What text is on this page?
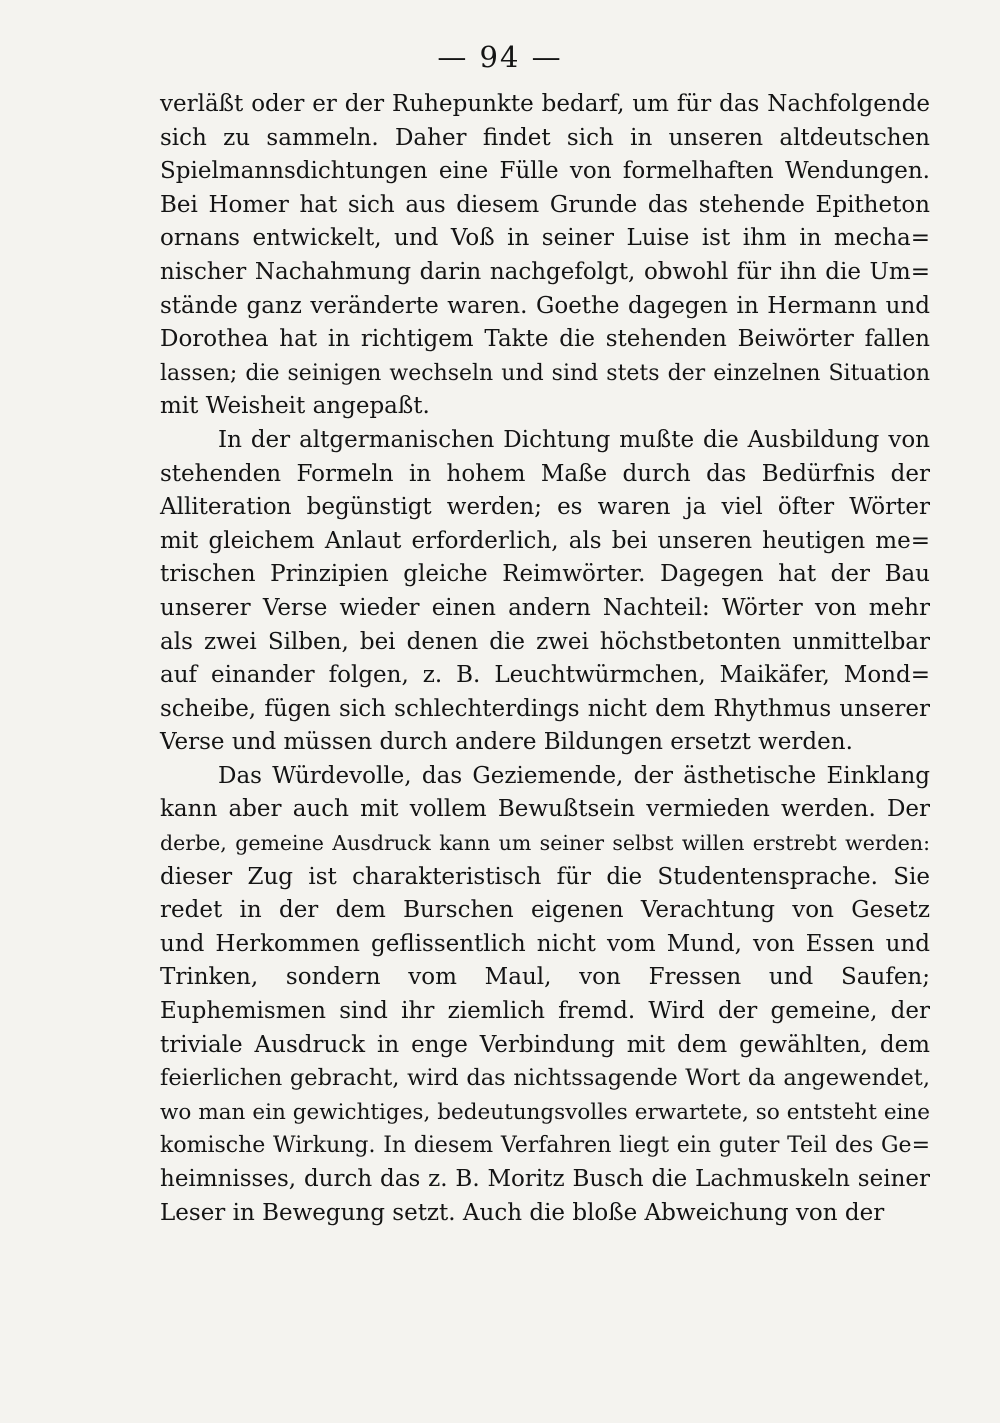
— 94 —
verläßt oder er der Ruhepunkte bedarf, um für das Nachfolgende
sich zu sammeln. Daher findet sich in unseren altdeutschen
Spielmannsdichtungen eine Fülle von formelhaften Wendungen.
Bei Homer hat sich aus diesem Grunde das stehende Epitheton
ornans entwickelt, und Voß in seiner Luise ist ihm in mecha=
nischer Nachahmung darin nachgefolgt, obwohl für ihn die Um=
stände ganz veränderte waren. Goethe dagegen in Hermann und
Dorothea hat in richtigem Takte die stehenden Beiwörter fallen
lassen; die seinigen wechseln und sind stets der einzelnen Situation
mit Weisheit angepaßt.
In der altgermanischen Dichtung mußte die Ausbildung von
stehenden Formeln in hohem Maße durch das Bedürfnis der
Alliteration begünstigt werden; es waren ja viel öfter Wörter
mit gleichem Anlaut erforderlich, als bei unseren heutigen me=
trischen Prinzipien gleiche Reimwörter. Dagegen hat der Bau
unserer Verse wieder einen andern Nachteil: Wörter von mehr
als zwei Silben, bei denen die zwei höchstbetonten unmittelbar
auf einander folgen, z. B. Leuchtwürmchen, Maikäfer, Mond=
scheibe, fügen sich schlechterdings nicht dem Rhythmus unserer
Verse und müssen durch andere Bildungen ersetzt werden.
Das Würdevolle, das Geziemende, der ästhetische Einklang
kann aber auch mit vollem Bewußtsein vermieden werden. Der
derbe, gemeine Ausdruck kann um seiner selbst willen erstrebt werden:
dieser Zug ist charakteristisch für die Studentensprache. Sie
redet in der dem Burschen eigenen Verachtung von Gesetz
und Herkommen geflissentlich nicht vom Mund, von Essen und
Trinken, sondern vom Maul, von Fressen und Saufen;
Euphemismen sind ihr ziemlich fremd. Wird der gemeine, der
triviale Ausdruck in enge Verbindung mit dem gewählten, dem
feierlichen gebracht, wird das nichtssagende Wort da angewendet,
wo man ein gewichtiges, bedeutungsvolles erwartete, so entsteht eine
komische Wirkung. In diesem Verfahren liegt ein guter Teil des Ge=
heimnisses, durch das z. B. Moritz Busch die Lachmuskeln seiner
Leser in Bewegung setzt. Auch die bloße Abweichung von der
